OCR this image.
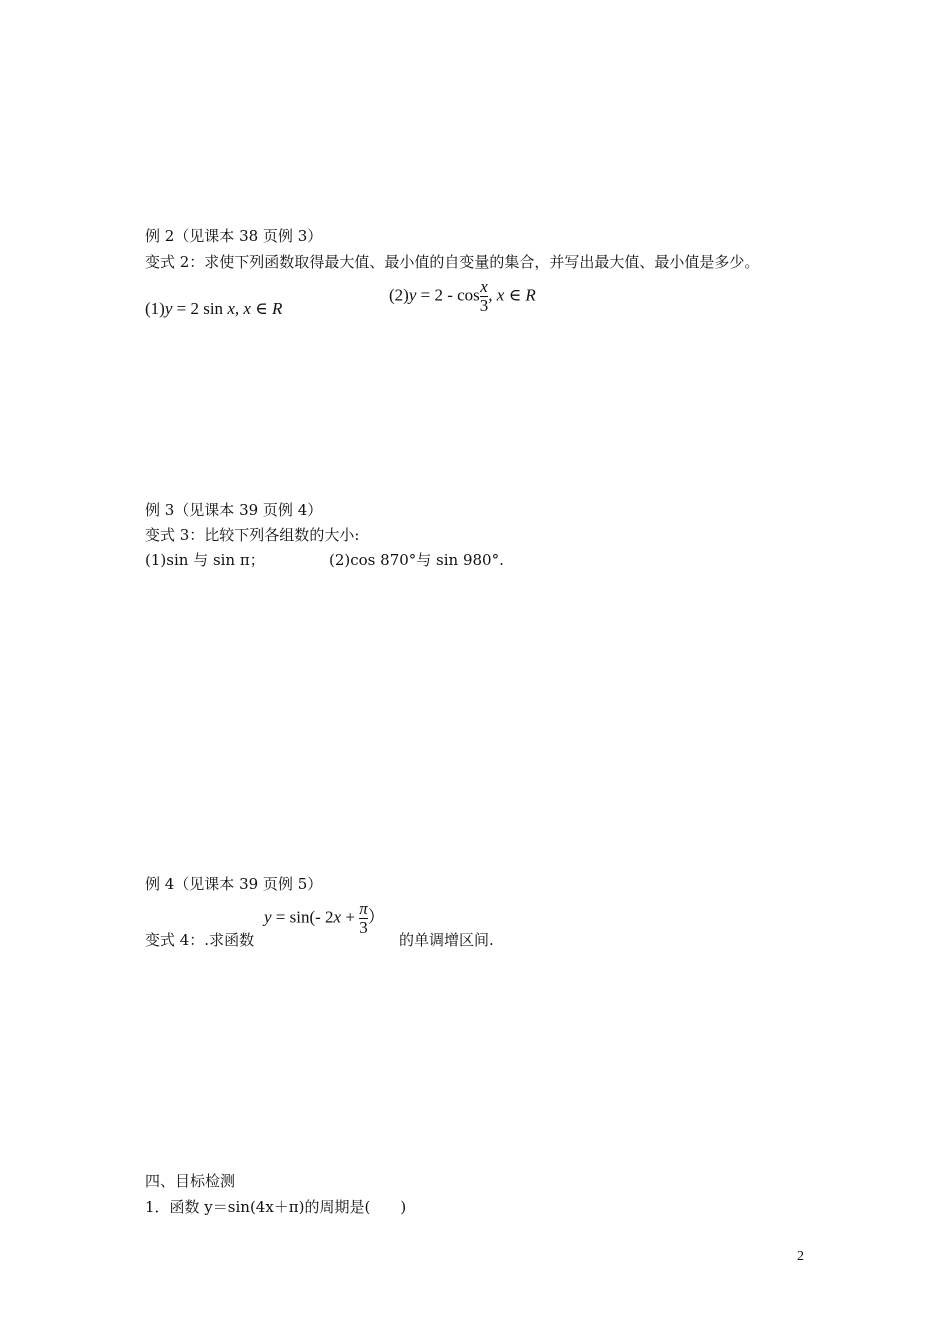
例 2（见课本 38 页例 3）
变式 2：求使下列函数取得最大值、最小值的自变量的集合，并写出最大值、最小值是多少。
(1)y = 2 sin x, x ∈ R
$(2)y = 2 - \cos \frac{x}{3}$ , x ∈ R
例 3（见课本 39 页例 4）
变式 3：比较下列各组数的大小:
(1)sin 与 sin π；	(2)cos 870°与 sin 980°.
例 4（见课本 39 页例 5）
变式 4：.求函数
y = sin(- $2x + \frac{\pi}{3}$ ）
的单调增区间.
四、目标检测
1．函数 y＝sin(4x＋π)的周期是(　　)
2
